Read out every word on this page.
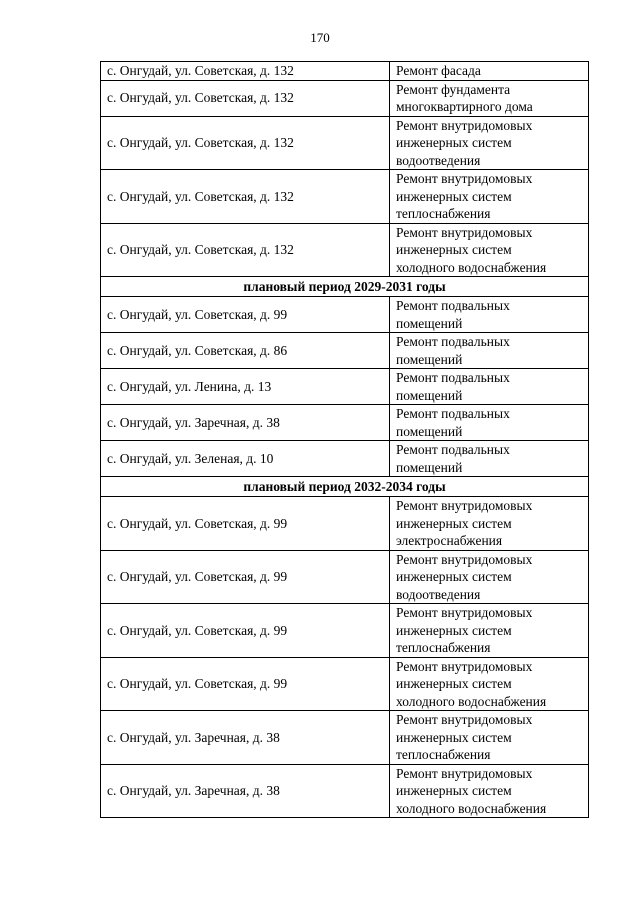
170
с. Онгудай, ул. Советская, д. 132	Ремонт фасада
с. Онгудай, ул. Советская, д. 132	Ремонт фундамента
многоквартирного дома
с. Онгудай, ул. Советская, д. 132	Ремонт внутридомовых
инженерных систем
водоотведения
с. Онгудай, ул. Советская, д. 132	Ремонт внутридомовых
инженерных систем
теплоснабжения
с. Онгудай, ул. Советская, д. 132	Ремонт внутридомовых
инженерных систем
холодного водоснабжения
плановый период 2029-2031 годы	
с. Онгудай, ул. Советская, д. 99	Ремонт подвальных
помещений
с. Онгудай, ул. Советская, д. 86	Ремонт подвальных
помещений
с. Онгудай, ул. Ленина, д. 13	Ремонт подвальных
помещений
с. Онгудай, ул. Заречная, д. 38	Ремонт подвальных
помещений
с. Онгудай, ул. Зеленая, д. 10	Ремонт подвальных
помещений
плановый период 2032-2034 годы	
с. Онгудай, ул. Советская, д. 99	Ремонт внутридомовых
инженерных систем
электроснабжения
с. Онгудай, ул. Советская, д. 99	Ремонт внутридомовых
инженерных систем
водоотведения
с. Онгудай, ул. Советская, д. 99	Ремонт внутридомовых
инженерных систем
теплоснабжения
с. Онгудай, ул. Советская, д. 99	Ремонт внутридомовых
инженерных систем
холодного водоснабжения
с. Онгудай, ул. Заречная, д. 38	Ремонт внутридомовых
инженерных систем
теплоснабжения
с. Онгудай, ул. Заречная, д. 38	Ремонт внутридомовых
инженерных систем
холодного водоснабжения
